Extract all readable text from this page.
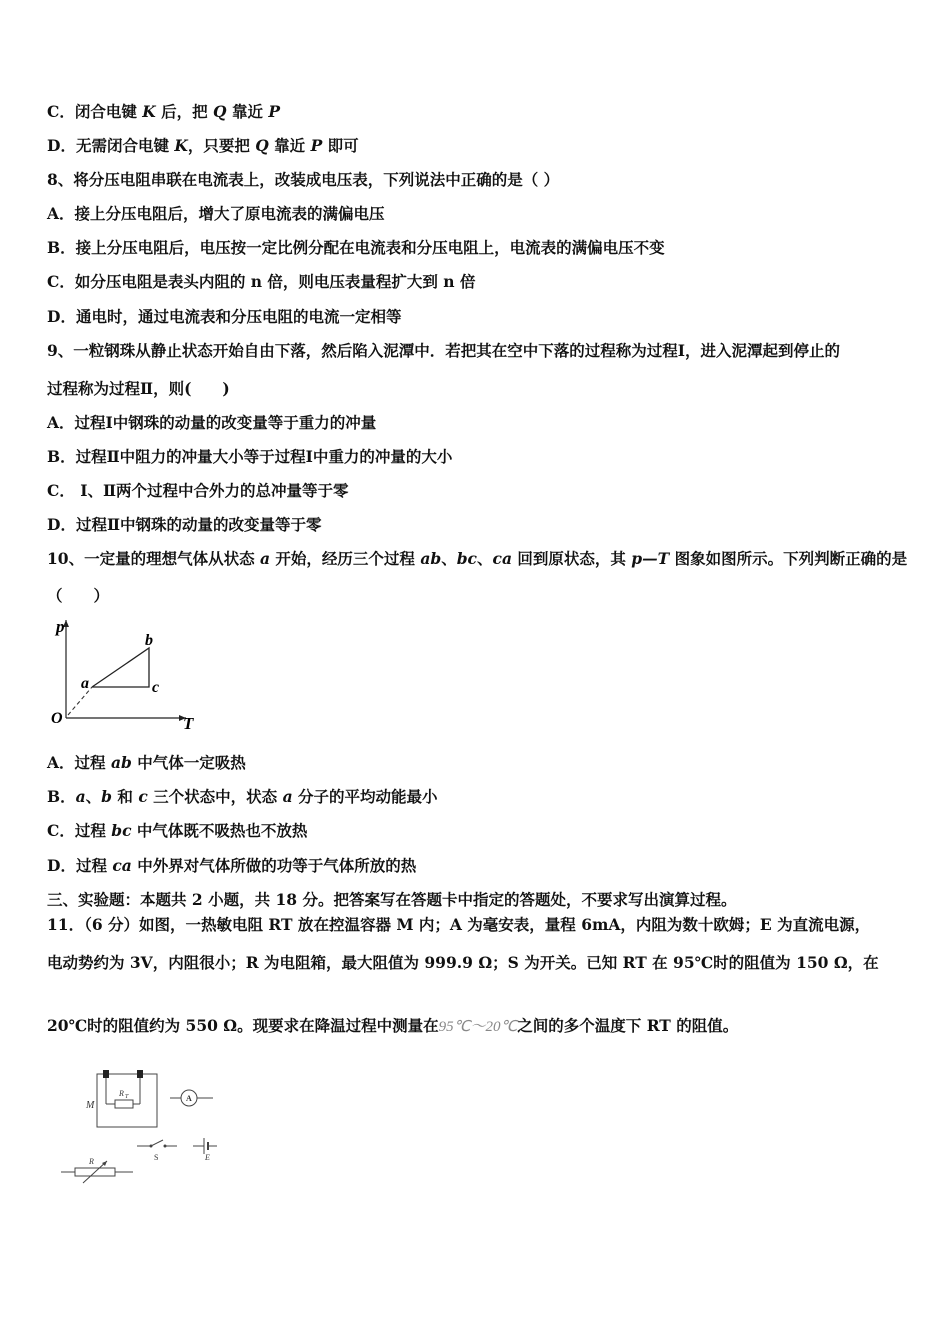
C．闭合电键 K 后，把 Q 靠近 P
D．无需闭合电键 K，只要把 Q 靠近 P 即可
8、将分压电阻串联在电流表上，改装成电压表，下列说法中正确的是（ ）
A．接上分压电阻后，增大了原电流表的满偏电压
B．接上分压电阻后，电压按一定比例分配在电流表和分压电阻上，电流表的满偏电压不变
C．如分压电阻是表头内阻的 n 倍，则电压表量程扩大到 n 倍
D．通电时，通过电流表和分压电阻的电流一定相等
9、一粒钢珠从静止状态开始自由下落，然后陷入泥潭中．若把其在空中下落的过程称为过程Ⅰ，进入泥潭起到停止的
过程称为过程Ⅱ，则(　　)
A．过程Ⅰ中钢珠的动量的改变量等于重力的冲量
B．过程Ⅱ中阻力的冲量大小等于过程Ⅰ中重力的冲量的大小
C． Ⅰ、Ⅱ两个过程中合外力的总冲量等于零
D．过程Ⅱ中钢珠的动量的改变量等于零
10、一定量的理想气体从状态 a 开始，经历三个过程 ab、bc、ca 回到原状态，其 p—T 图象如图所示。下列判断正确的是
（　　）
p
T
O
a
b
c
A．过程 ab 中气体一定吸热
B．a、b 和 c 三个状态中，状态 a 分子的平均动能最小
C．过程 bc 中气体既不吸热也不放热
D．过程 ca 中外界对气体所做的功等于气体所放的热
三、实验题：本题共 2 小题，共 18 分。把答案写在答题卡中指定的答题处，不要求写出演算过程。
11．（6 分）如图，一热敏电阻 RT 放在控温容器 M 内；A 为毫安表，量程 6mA，内阻为数十欧姆；E 为直流电源，
电动势约为 3V，内阻很小；R 为电阻箱，最大阻值为 999.9 Ω；S 为开关。已知 RT 在 95℃时的阻值为 150 Ω，在
20℃时的阻值约为 550 Ω。现要求在降温过程中测量在95℃～20℃之间的多个温度下 RT 的阻值。
R T
M
A
S	E
R
